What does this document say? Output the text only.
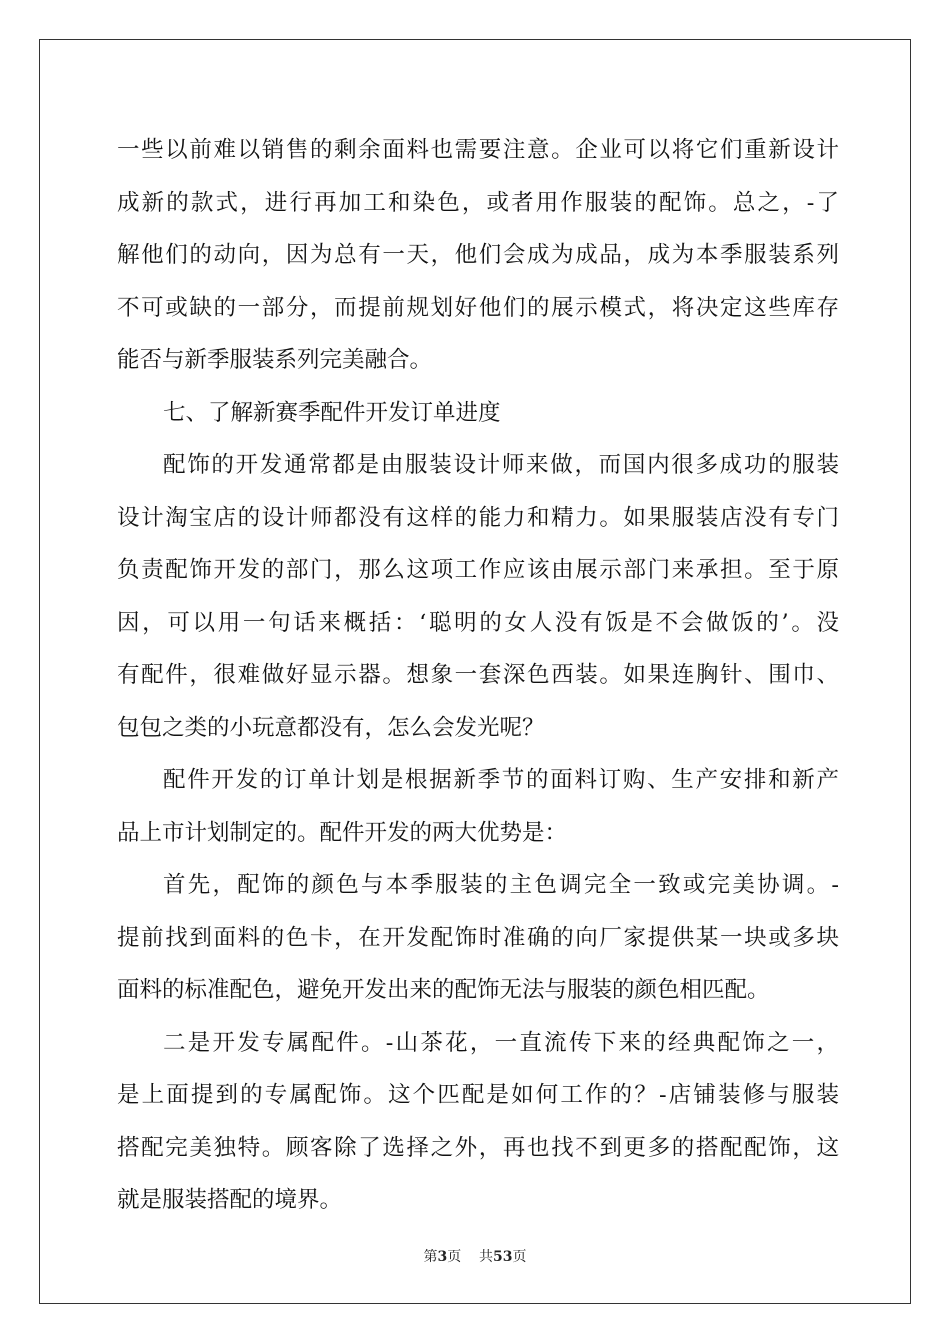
一些以前难以销售的剩余面料也需要注意。企业可以将它们重新设计
成新的款式，进行再加工和染色，或者用作服装的配饰。总之，-了
解他们的动向，因为总有一天，他们会成为成品，成为本季服装系列
不可或缺的一部分，而提前规划好他们的展示模式，将决定这些库存
能否与新季服装系列完美融合。
七、了解新赛季配件开发订单进度
配饰的开发通常都是由服装设计师来做，而国内很多成功的服装
设计淘宝店的设计师都没有这样的能力和精力。如果服装店没有专门
负责配饰开发的部门，那么这项工作应该由展示部门来承担。至于原
因，可以用一句话来概括：‘聪明的女人没有饭是不会做饭的’。没
有配件，很难做好显示器。想象一套深色西装。如果连胸针、围巾、
包包之类的小玩意都没有，怎么会发光呢？
配件开发的订单计划是根据新季节的面料订购、生产安排和新产
品上市计划制定的。配件开发的两大优势是：
首先，配饰的颜色与本季服装的主色调完全一致或完美协调。-
提前找到面料的色卡，在开发配饰时准确的向厂家提供某一块或多块
面料的标准配色，避免开发出来的配饰无法与服装的颜色相匹配。
二是开发专属配件。-山茶花，一直流传下来的经典配饰之一，
是上面提到的专属配饰。这个匹配是如何工作的？-店铺装修与服装
搭配完美独特。顾客除了选择之外，再也找不到更多的搭配配饰，这
就是服装搭配的境界。
第3页 共53页
